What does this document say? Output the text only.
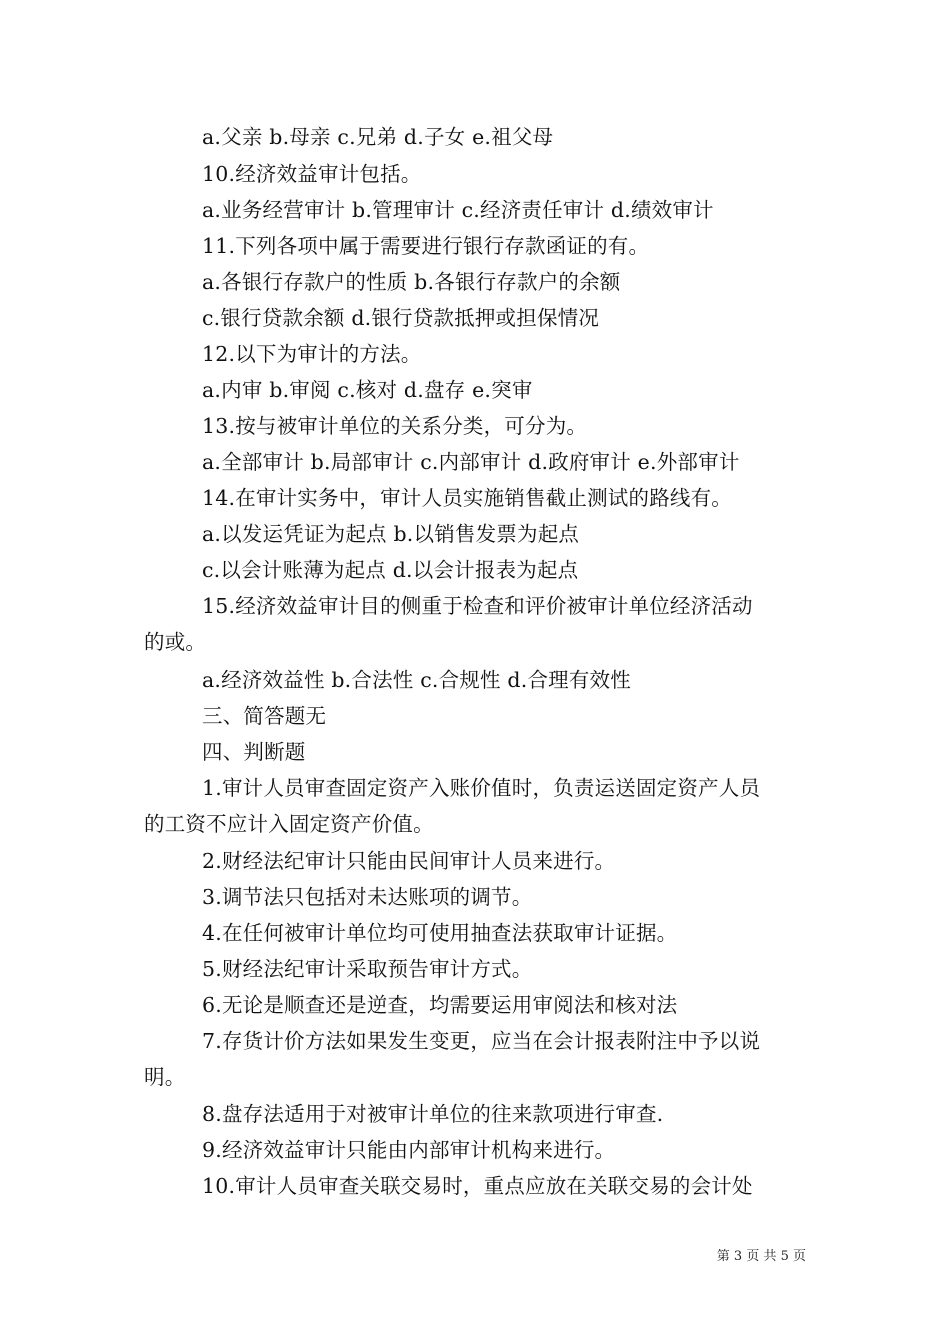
a.父亲 b.母亲 c.兄弟 d.子女 e.祖父母
10.经济效益审计包括。
a.业务经营审计 b.管理审计 c.经济责任审计 d.绩效审计
11.下列各项中属于需要进行银行存款函证的有。
a.各银行存款户的性质 b.各银行存款户的余额
c.银行贷款余额 d.银行贷款抵押或担保情况
12.以下为审计的方法。
a.内审 b.审阅 c.核对 d.盘存 e.突审
13.按与被审计单位的关系分类，可分为。
a.全部审计 b.局部审计 c.内部审计 d.政府审计 e.外部审计
14.在审计实务中，审计人员实施销售截止测试的路线有。
a.以发运凭证为起点 b.以销售发票为起点
c.以会计账薄为起点 d.以会计报表为起点
15.经济效益审计目的侧重于检查和评价被审计单位经济活动
的或。
a.经济效益性 b.合法性 c.合规性 d.合理有效性
三、简答题无
四、判断题
1.审计人员审查固定资产入账价值时，负责运送固定资产人员
的工资不应计入固定资产价值。
2.财经法纪审计只能由民间审计人员来进行。
3.调节法只包括对未达账项的调节。
4.在任何被审计单位均可使用抽查法获取审计证据。
5.财经法纪审计采取预告审计方式。
6.无论是顺查还是逆查，均需要运用审阅法和核对法
7.存货计价方法如果发生变更，应当在会计报表附注中予以说
明。
8.盘存法适用于对被审计单位的往来款项进行审查.
9.经济效益审计只能由内部审计机构来进行。
10.审计人员审查关联交易时，重点应放在关联交易的会计处
第 3 页 共 5 页
